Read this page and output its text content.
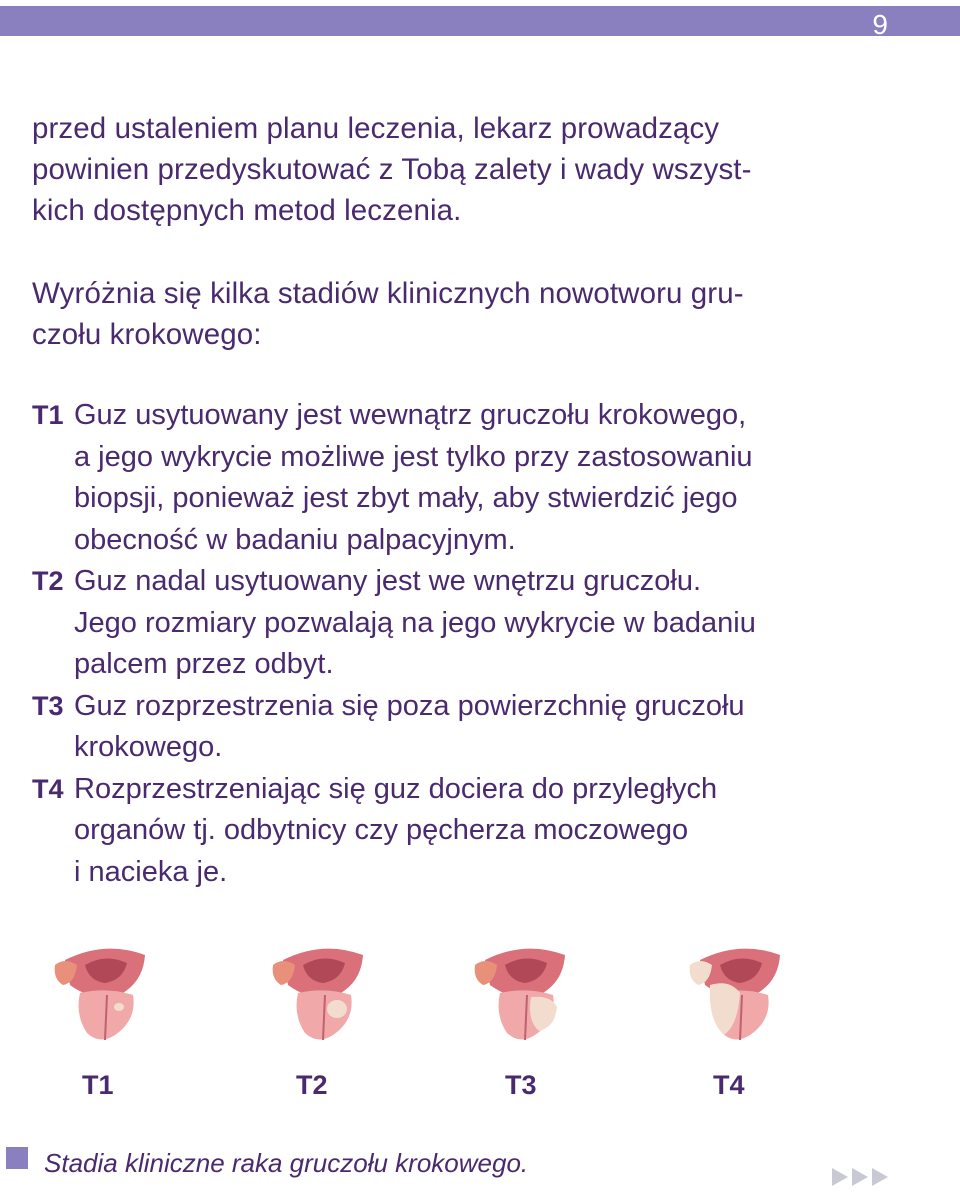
9

przed ustaleniem planu leczenia, lekarz prowadzący
powinien przedyskutować z Tobą zalety i wady wszyst-
kich dostępnych metod leczenia.

Wyróżnia się kilka stadiów klinicznych nowotworu gru-
czołu krokowego:

T1 Guz usytuowany jest wewnątrz gruczołu krokowego,
a jego wykrycie możliwe jest tylko przy zastosowaniu
biopsji, ponieważ jest zbyt mały, aby stwierdzić jego
obecność w badaniu palpacyjnym.
T2 Guz nadal usytuowany jest we wnętrzu gruczołu.
Jego rozmiary pozwalają na jego wykrycie w badaniu
palcem przez odbyt.
T3 Guz rozprzestrzenia się poza powierzchnię gruczołu
krokowego.
T4 Rozprzestrzeniając się guz dociera do przyległych
organów tj. odbytnicy czy pęcherza moczowego
i nacieka je.
T1	T2	T3	T4
Stadia kliniczne raka gruczołu krokowego.
